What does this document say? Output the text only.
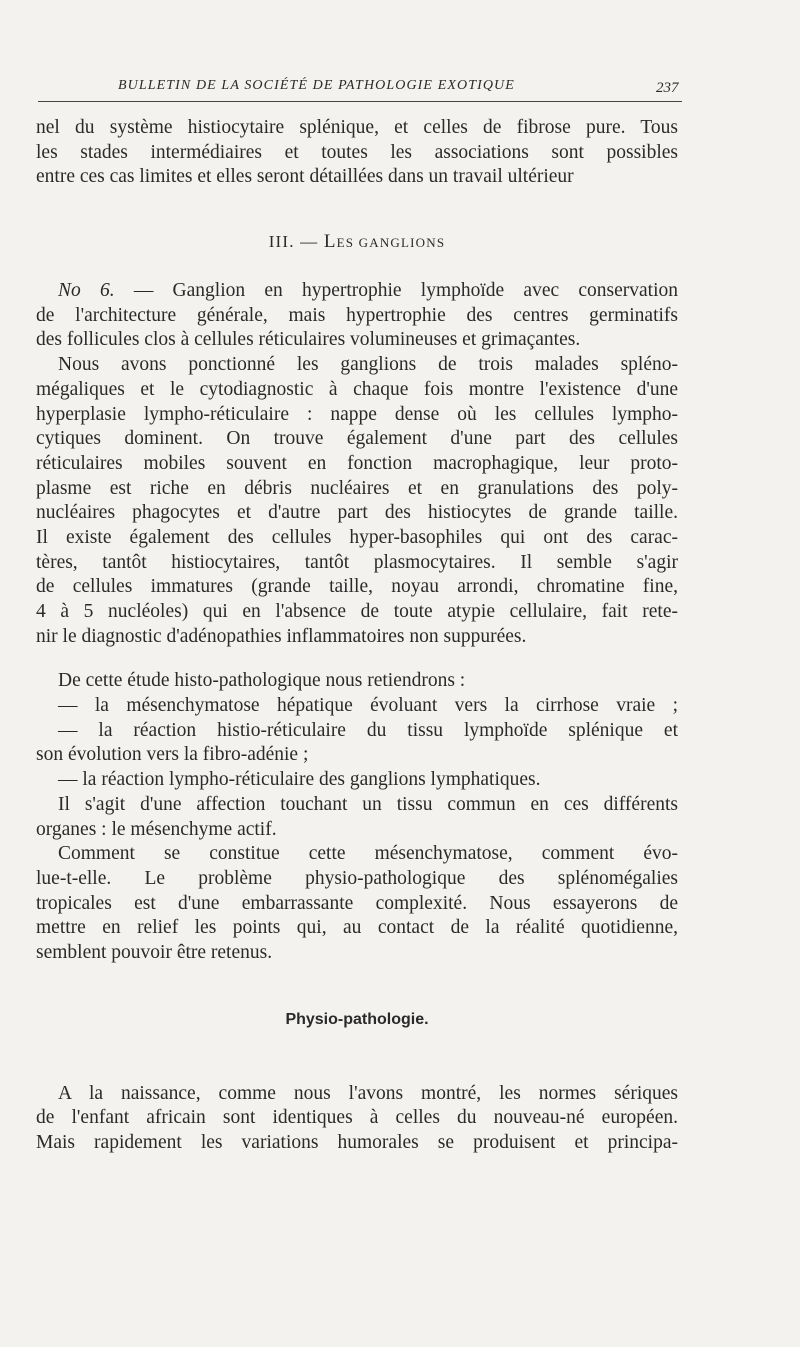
BULLETIN DE LA SOCIÉTÉ DE PATHOLOGIE EXOTIQUE	237
nel du système histiocytaire splénique, et celles de fibrose pure. Tous
les stades intermédiaires et toutes les associations sont possibles
entre ces cas limites et elles seront détaillées dans un travail ultérieur
III. — LES GANGLIONS
No 6. — Ganglion en hypertrophie lymphoïde avec conservation
de l'architecture générale, mais hypertrophie des centres germinatifs
des follicules clos à cellules réticulaires volumineuses et grimaçantes.
Nous avons ponctionné les ganglions de trois malades spléno-
mégaliques et le cytodiagnostic à chaque fois montre l'existence d'une
hyperplasie lympho-réticulaire : nappe dense où les cellules lympho-
cytiques dominent. On trouve également d'une part des cellules
réticulaires mobiles souvent en fonction macrophagique, leur proto-
plasme est riche en débris nucléaires et en granulations des poly-
nucléaires phagocytes et d'autre part des histiocytes de grande taille.
Il existe également des cellules hyper-basophiles qui ont des carac-
tères, tantôt histiocytaires, tantôt plasmocytaires. Il semble s'agir
de cellules immatures (grande taille, noyau arrondi, chromatine fine,
4 à 5 nucléoles) qui en l'absence de toute atypie cellulaire, fait rete-
nir le diagnostic d'adénopathies inflammatoires non suppurées.
De cette étude histo-pathologique nous retiendrons :
— la mésenchymatose hépatique évoluant vers la cirrhose vraie ;
— la réaction histio-réticulaire du tissu lymphoïde splénique et
son évolution vers la fibro-adénie ;
— la réaction lympho-réticulaire des ganglions lymphatiques.
Il s'agit d'une affection touchant un tissu commun en ces différents
organes : le mésenchyme actif.
Comment se constitue cette mésenchymatose, comment évo-
lue-t-elle. Le problème physio-pathologique des splénomégalies
tropicales est d'une embarrassante complexité. Nous essayerons de
mettre en relief les points qui, au contact de la réalité quotidienne,
semblent pouvoir être retenus.
Physio-pathologie.
A la naissance, comme nous l'avons montré, les normes sériques
de l'enfant africain sont identiques à celles du nouveau-né européen.
Mais rapidement les variations humorales se produisent et principa-
